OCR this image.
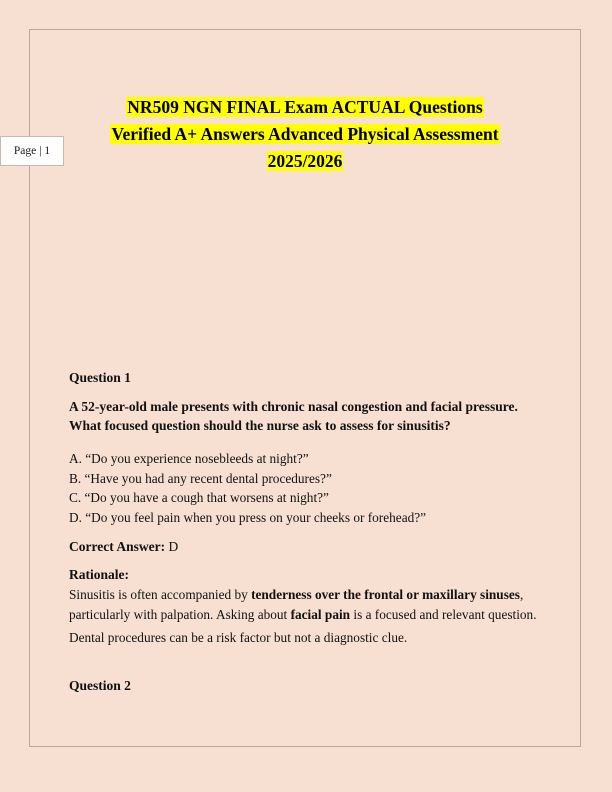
Page | 1
NR509 NGN FINAL Exam ACTUAL Questions
Verified A+ Answers Advanced Physical Assessment
2025/2026

Question 1

A 52-year-old male presents with chronic nasal congestion and facial pressure.
What focused question should the nurse ask to assess for sinusitis?

A. “Do you experience nosebleeds at night?”

B. “Have you had any recent dental procedures?”

C. “Do you have a cough that worsens at night?”

D. “Do you feel pain when you press on your cheeks or forehead?”

Correct Answer: D

Rationale:

Sinusitis is often accompanied by tenderness over the frontal or maxillary sinuses, particularly with palpation. Asking about facial pain is a focused and relevant question.

Dental procedures can be a risk factor but not a diagnostic clue.

Question 2
